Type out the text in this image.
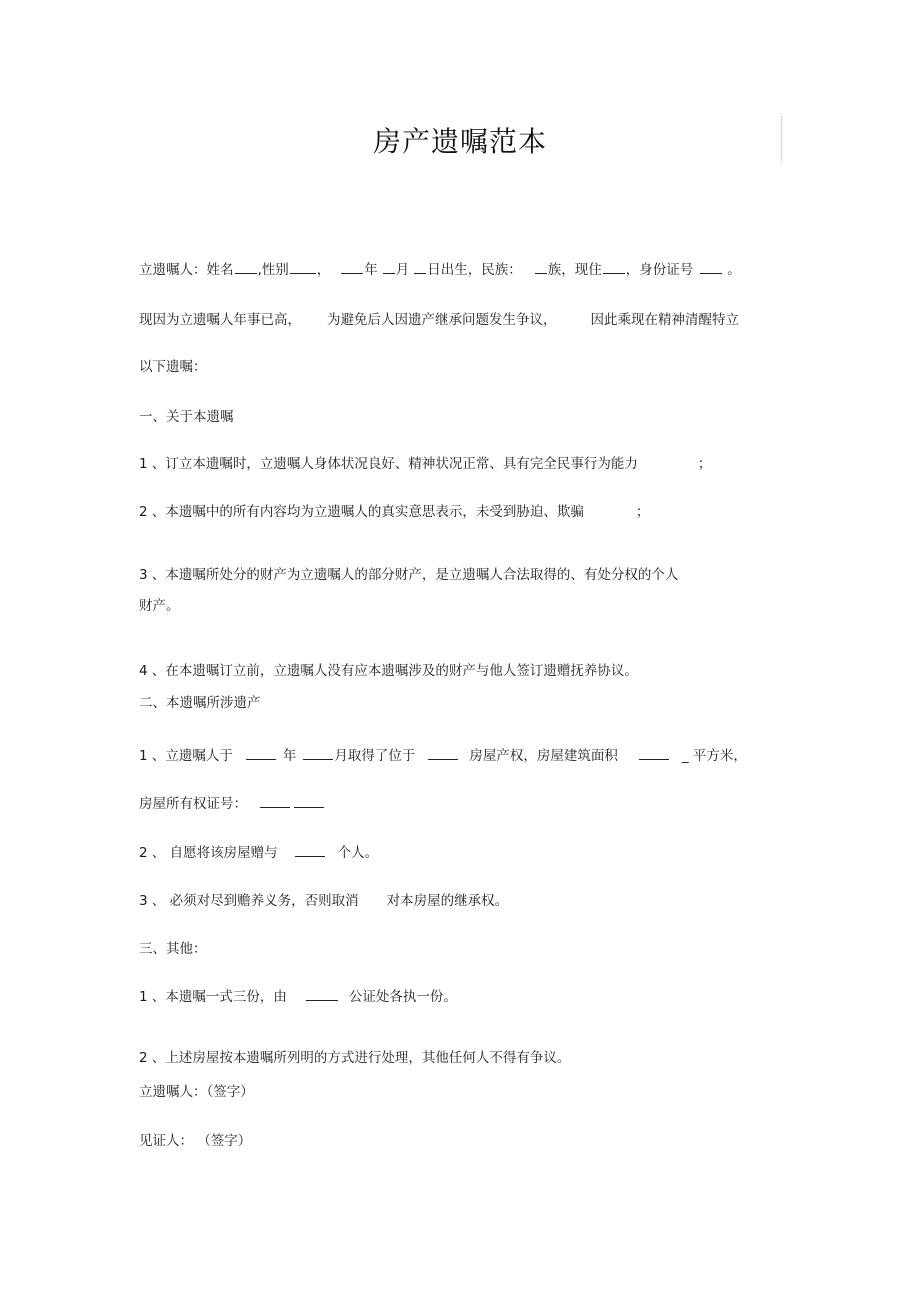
房产遗嘱范本
立遗嘱人：姓名 ,性别 ，	年 月 日出生，民族： 族，现住 ，身份证号	。
现因为立遗嘱人年事已高， 为避免后人因遗产继承问题发生争议，	因此乘现在精神清醒特立
以下遗嘱：
一、关于本遗嘱
1 、订立本遗嘱时，立遗嘱人身体状况良好、精神状况正常、具有完全民事行为能力	；
2 、本遗嘱中的所有内容均为立遗嘱人的真实意思表示，未受到胁迫、欺骗	；
3 、本遗嘱所处分的财产为立遗嘱人的部分财产，是立遗嘱人合法取得的、有处分权的个人
财产。
4 、在本遗嘱订立前，立遗嘱人没有应本遗嘱涉及的财产与他人签订遗赠抚养协议。
二、本遗嘱所涉遗产
1 、立遗嘱人于	年	月取得了位于	房屋产权，房屋建筑面积	_ 平方米，
房屋所有权证号：
2 、 自愿将该房屋赠与	个人。
3 、 必须对尽到赡养义务，否则取消 对本房屋的继承权。
三、其他：
1 、本遗嘱一式三份，由	公证处各执一份。
2 、上述房屋按本遗嘱所列明的方式进行处理，其他任何人不得有争议。
立遗嘱人：（签字）
见证人： （签字）
